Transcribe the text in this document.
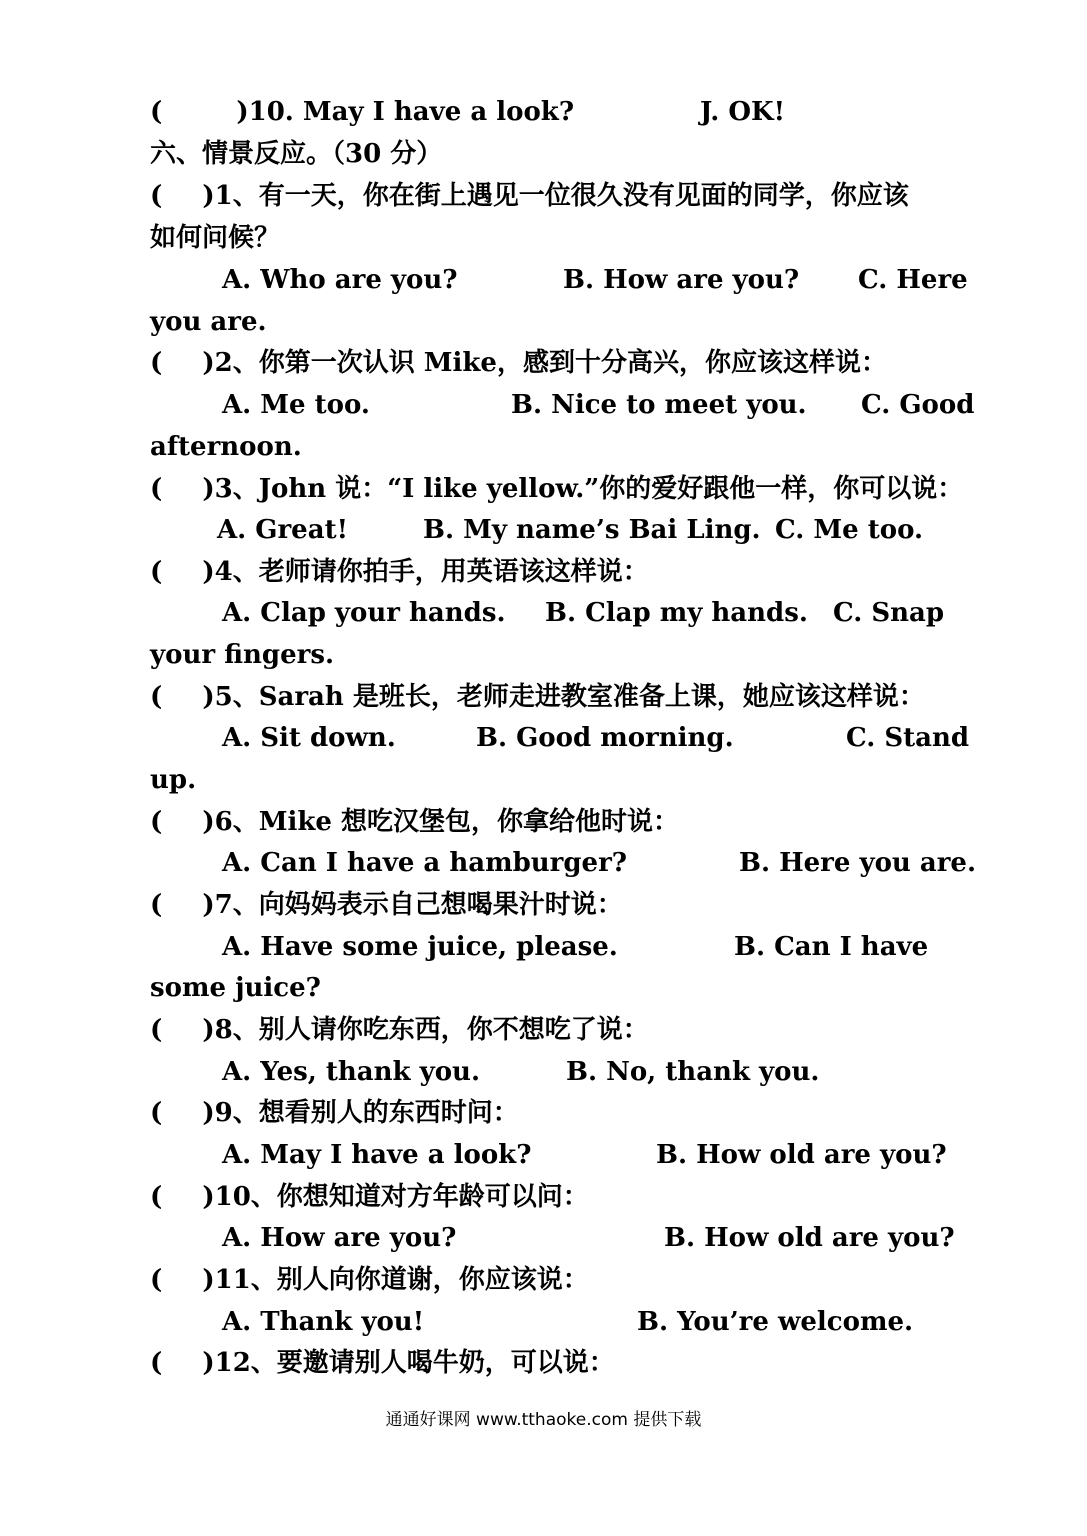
(	)10. May I have a look?	J. OK!
六、情景反应。（30 分）
( )1、有一天，你在街上遇见一位很久没有见面的同学，你应该
如何问候？
A. Who are you?	B. How are you? C. Here
you are.
( )2、你第一次认识 Mike，感到十分高兴，你应该这样说：
A. Me too.	B. Nice to meet you. C. Good
afternoon.
( )3、John 说：“I like yellow.”你的爱好跟他一样，你可以说：
A. Great!	B. My name’s Bai Ling. C. Me too.
( )4、老师请你拍手，用英语该这样说：
A. Clap your hands. B. Clap my hands. C. Snap
your fingers.
( )5、Sarah 是班长，老师走进教室准备上课，她应该这样说：
A. Sit down.	B. Good morning.	C. Stand
up.
( )6、Mike 想吃汉堡包，你拿给他时说：
A. Can I have a hamburger?	B. Here you are.
( )7、向妈妈表示自己想喝果汁时说：
A. Have some juice, please.	B. Can I have
some juice?
( )8、别人请你吃东西，你不想吃了说：
A. Yes, thank you.	B. No, thank you.
( )9、想看别人的东西时问：
A. May I have a look?	B. How old are you?
( )10、你想知道对方年龄可以问：
A. How are you?	B. How old are you?
( )11、别人向你道谢，你应该说：
A. Thank you!	B. You’re welcome.
( )12、要邀请别人喝牛奶，可以说：
通通好课网 www.tthaoke.com 提供下载
